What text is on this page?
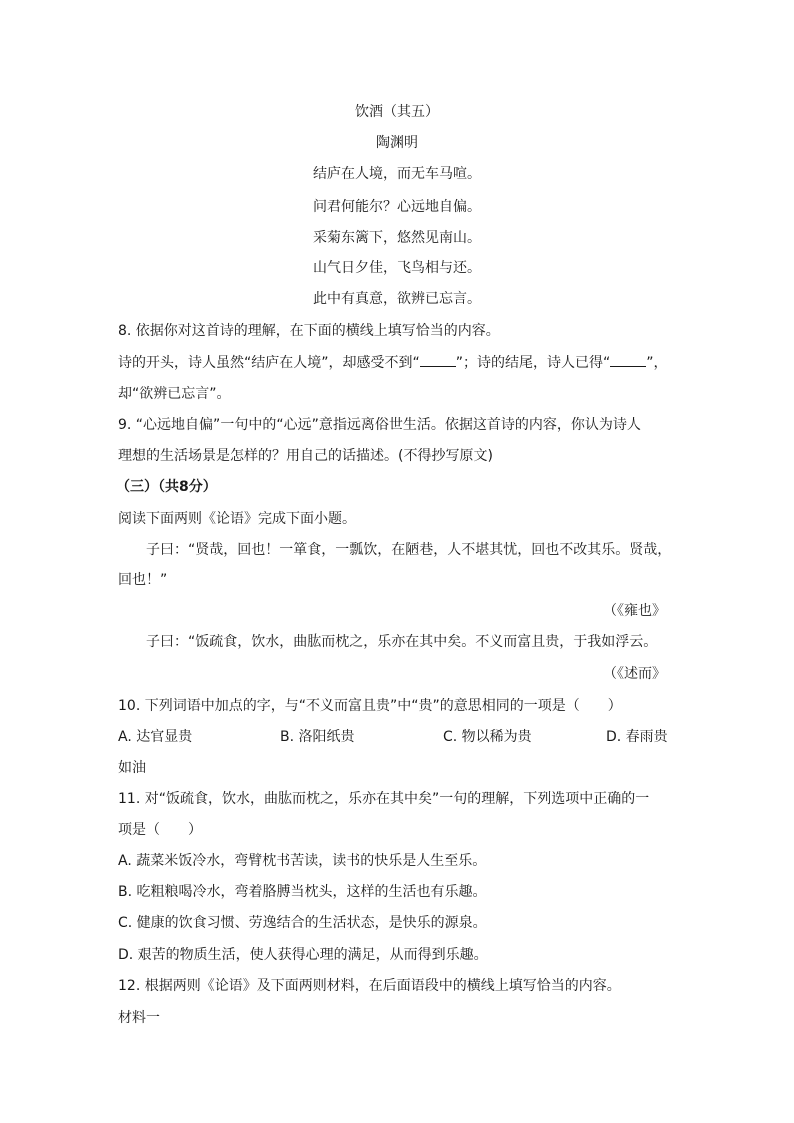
饮酒（其五）
陶渊明
结庐在人境，而无车马喧。
问君何能尔？心远地自偏。
采菊东篱下，悠然见南山。
山气日夕佳，飞鸟相与还。
此中有真意，欲辨已忘言。
8. 依据你对这首诗的理解，在下面的横线上填写恰当的内容。
诗的开头，诗人虽然“结庐在人境”，却感受不到“	”；诗的结尾，诗人已得“	”，
却“欲辨已忘言”。
9. “心远地自偏”一句中的“心远”意指远离俗世生活。依据这首诗的内容，你认为诗人
理想的生活场景是怎样的？用自己的话描述。(不得抄写原文)
（三）（共8分）
阅读下面两则《论语》完成下面小题。
子曰：“贤哉，回也！一箪食，一瓢饮，在陋巷，人不堪其忧，回也不改其乐。贤哉，
回也！”
（《雍也》
子曰：“饭疏食，饮水，曲肱而枕之，乐亦在其中矣。不义而富且贵，于我如浮云。
（《述而》
10. 下列词语中加点的字，与“不义而富且贵”中“贵”的意思相同的一项是（　　）
A. 达官显贵	B. 洛阳纸贵	C. 物以稀为贵	D. 春雨贵
如油
11. 对“饭疏食，饮水，曲肱而枕之，乐亦在其中矣”一句的理解，下列选项中正确的一
项是（　　）
A. 蔬菜米饭冷水，弯臂枕书苦读，读书的快乐是人生至乐。
B. 吃粗粮喝冷水，弯着胳膊当枕头，这样的生活也有乐趣。
C. 健康的饮食习惯、劳逸结合的生活状态，是快乐的源泉。
D. 艰苦的物质生活，使人获得心理的满足，从而得到乐趣。
12. 根据两则《论语》及下面两则材料，在后面语段中的横线上填写恰当的内容。
材料一
